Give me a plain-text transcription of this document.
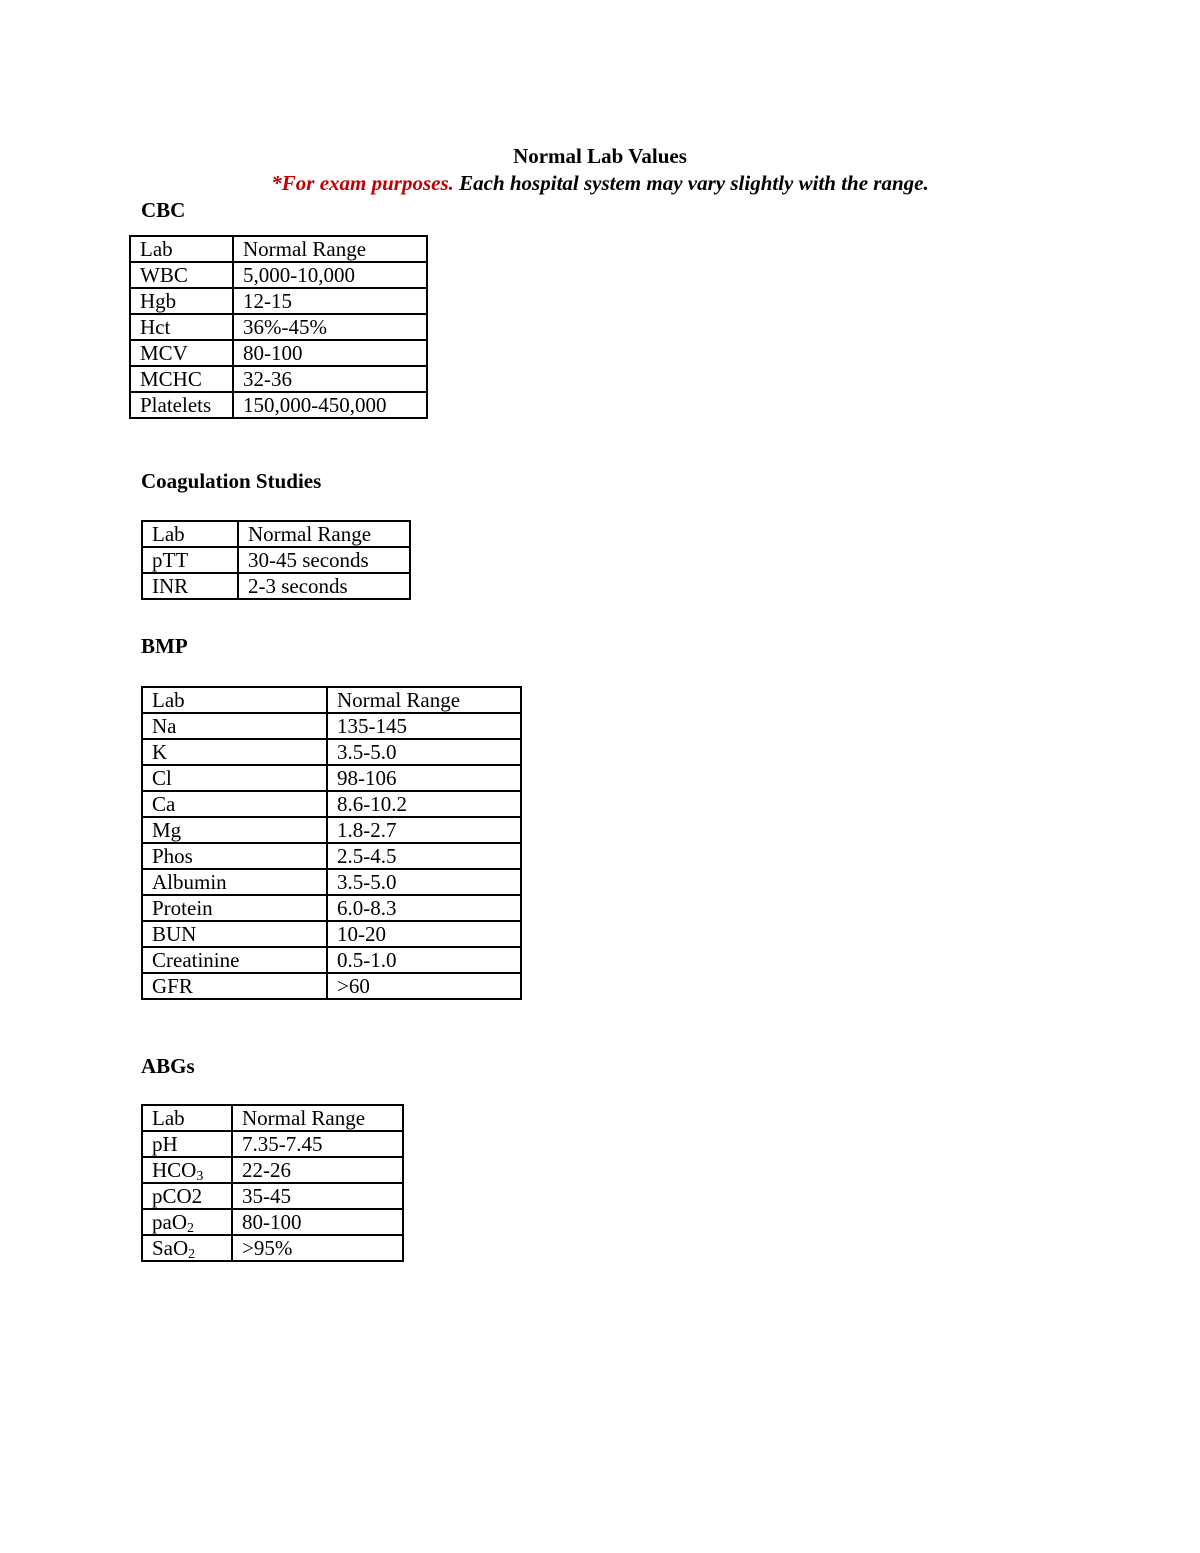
Normal Lab Values
*For exam purposes. Each hospital system may vary slightly with the range.
CBC
Lab	Normal Range
WBC	5,000-10,000
Hgb	12-15
Hct	36%-45%
MCV	80-100
MCHC	32-36
Platelets	150,000-450,000
Coagulation Studies
Lab	Normal Range
pTT	30-45 seconds
INR	2-3 seconds
BMP
Lab	Normal Range
Na	135-145
K	3.5-5.0
Cl	98-106
Ca	8.6-10.2
Mg	1.8-2.7
Phos	2.5-4.5
Albumin	3.5-5.0
Protein	6.0-8.3
BUN	10-20
Creatinine	0.5-1.0
GFR	>60
ABGs
Lab	Normal Range
pH	7.35-7.45
$HCO_3$	22-26
pCO2	35-45
paO$_2$	80-100
SaO$_2$	>95%
